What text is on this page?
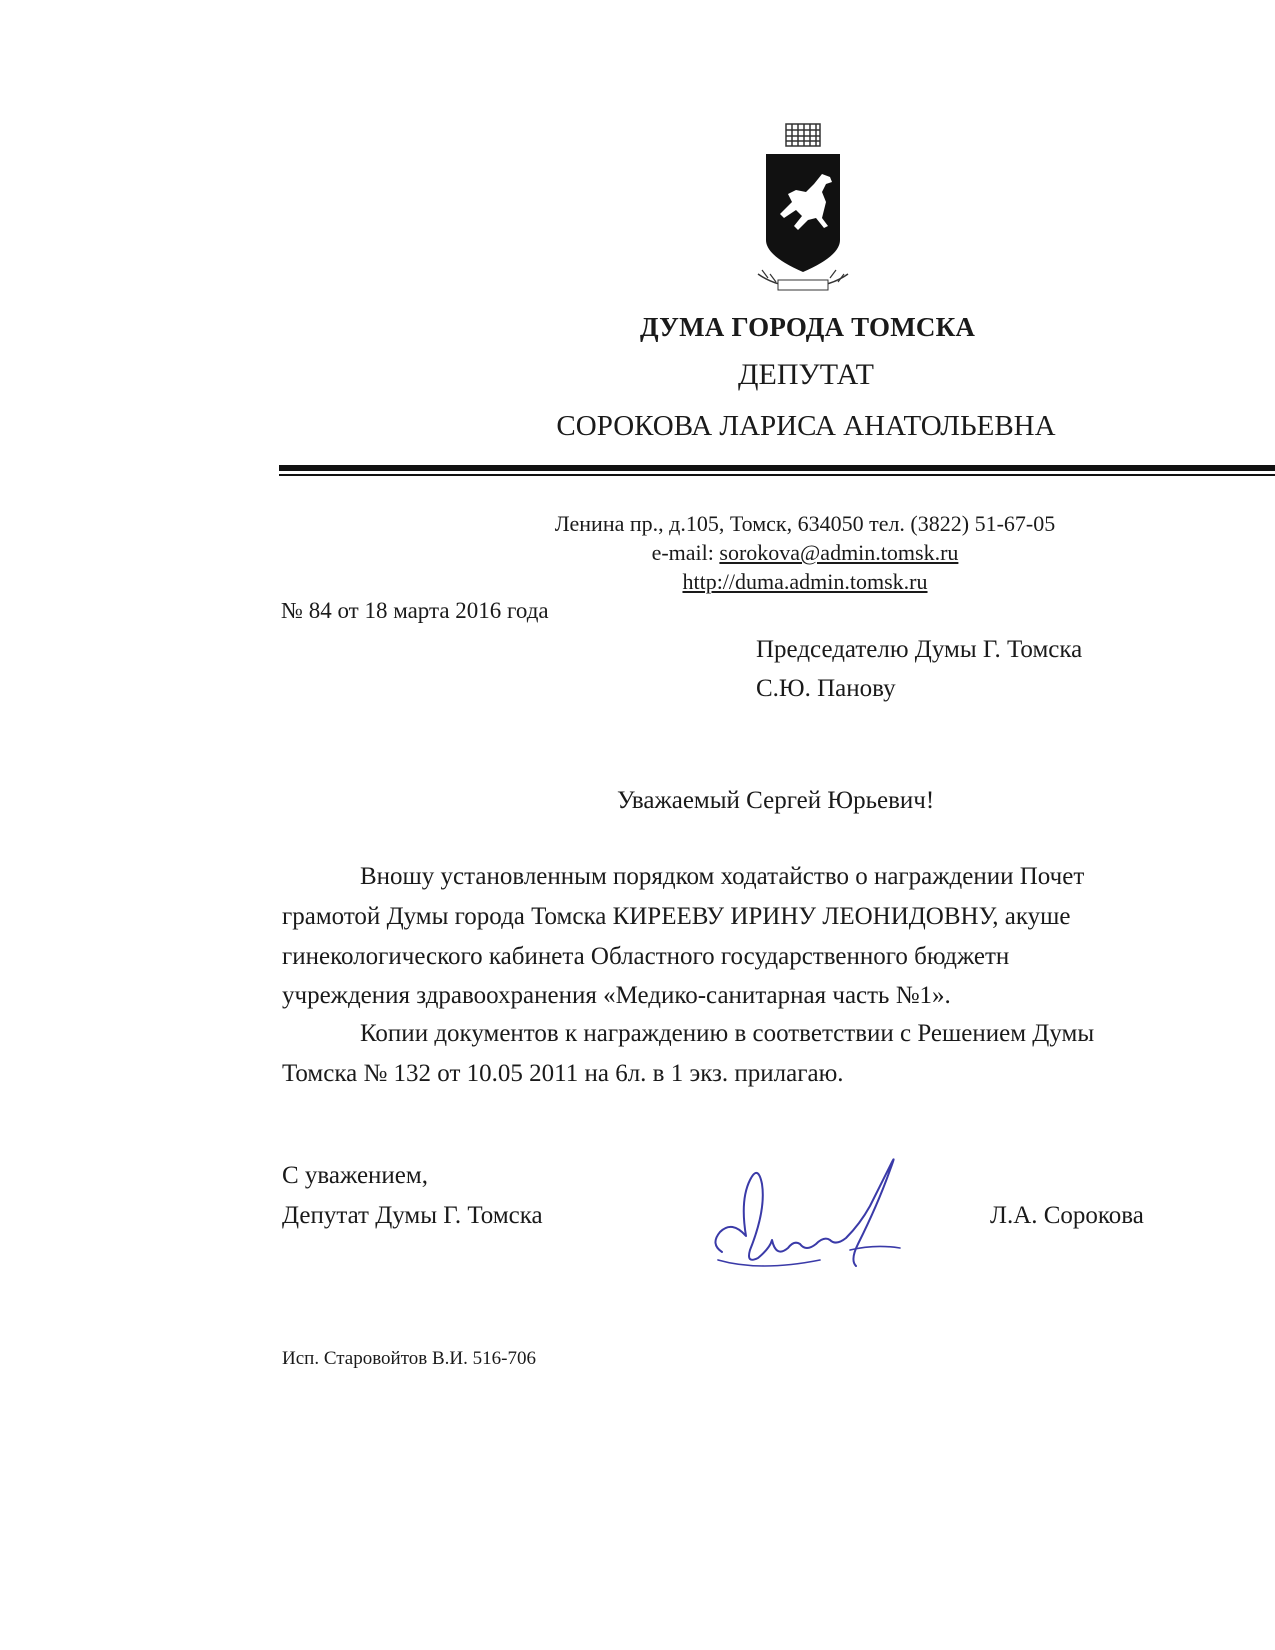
ДУМА ГОРОДА ТОМСКА
ДЕПУТАТ
СОРОКОВА ЛАРИСА АНАТОЛЬЕВНА
Ленина пр., д.105, Томск, 634050 тел. (3822) 51-67-05
e-mail: sorokova@admin.tomsk.ru
http://duma.admin.tomsk.ru
№ 84 от 18 марта 2016 года
Председателю Думы Г. Томска
С.Ю. Панову
Уважаемый Сергей Юрьевич!
Вношу установленным порядком ходатайство о награждении Почет
грамотой Думы города Томска КИРЕЕВУ ИРИНУ ЛЕОНИДОВНУ, акуше
гинекологического кабинета Областного государственного бюджетн
учреждения здравоохранения «Медико-санитарная часть №1».
Копии документов к награждению в соответствии с Решением Думы
Томска № 132 от 10.05 2011 на 6л. в 1 экз. прилагаю.
С уважением,
Депутат Думы Г. Томска	Л.А. Сорокова
Исп. Старовойтов В.И. 516-706
